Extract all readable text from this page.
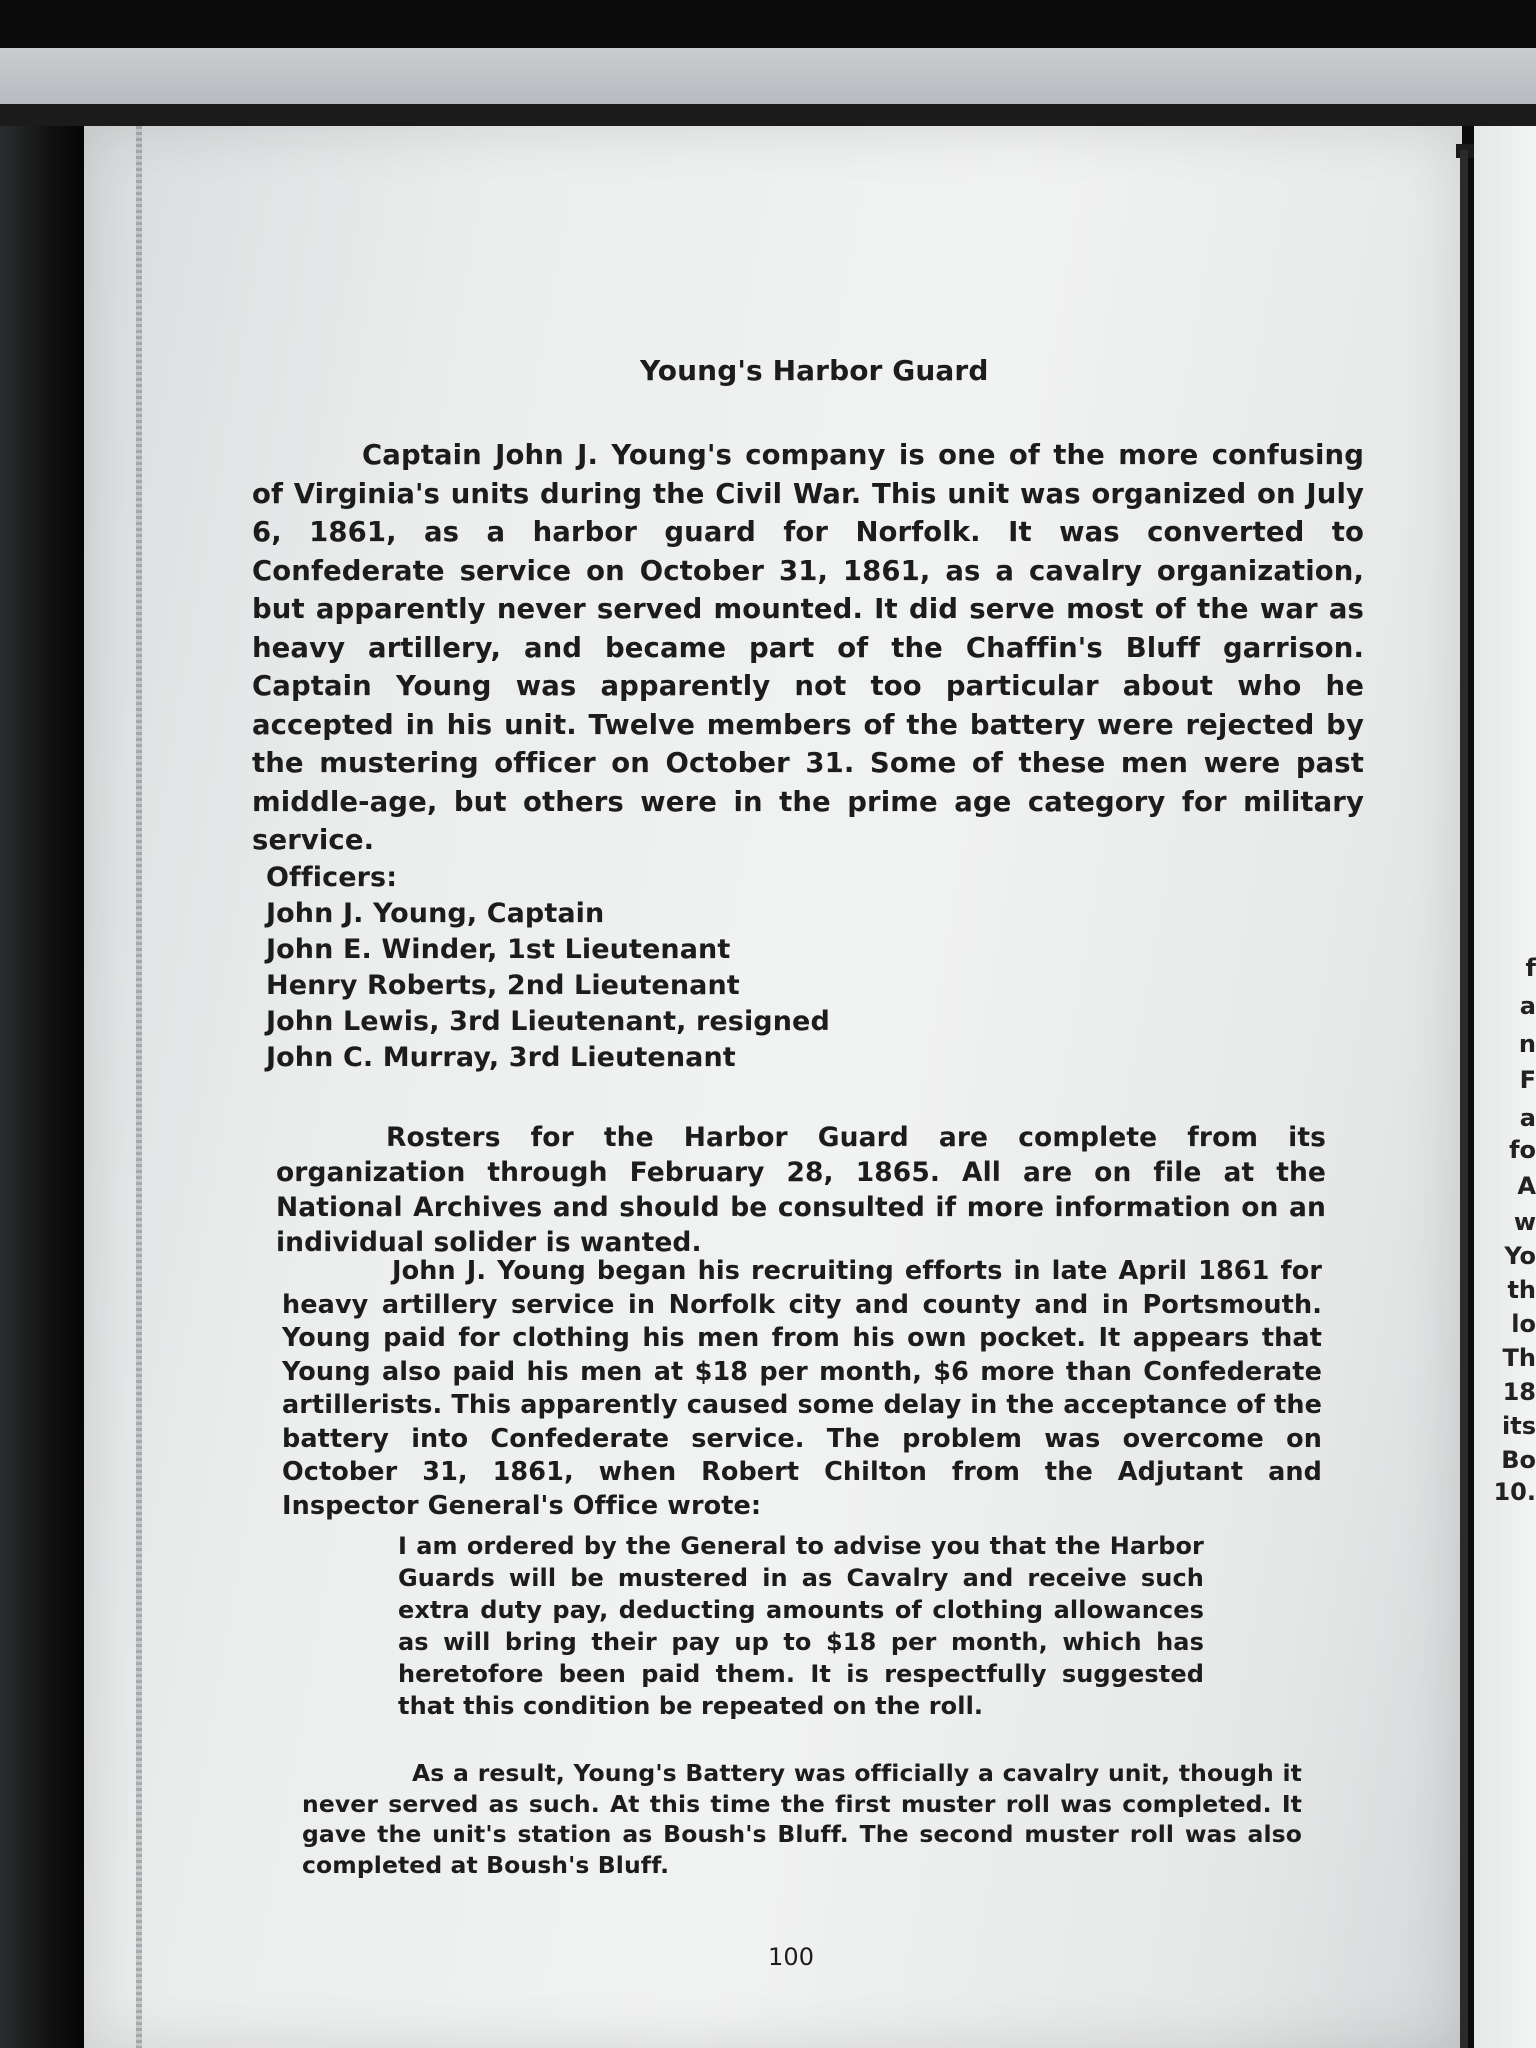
Young's Harbor Guard

Captain John J. Young's company is one of the more confusing of Virginia's units during the Civil War. This unit was organized on July 6, 1861, as a harbor guard for Norfolk. It was converted to Confederate service on October 31, 1861, as a cavalry organization, but apparently never served mounted. It did serve most of the war as heavy artillery, and became part of the Chaffin's Bluff garrison. Captain Young was apparently not too particular about who he accepted in his unit. Twelve members of the battery were rejected by the mustering officer on October 31. Some of these men were past middle-age, but others were in the prime age category for military service.

Officers:
John J. Young, Captain
John E. Winder, 1st Lieutenant
Henry Roberts, 2nd Lieutenant
John Lewis, 3rd Lieutenant, resigned
John C. Murray, 3rd Lieutenant

Rosters for the Harbor Guard are complete from its organization through February 28, 1865. All are on file at the National Archives and should be consulted if more information on an individual solider is wanted.

John J. Young began his recruiting efforts in late April 1861 for heavy artillery service in Norfolk city and county and in Portsmouth. Young paid for clothing his men from his own pocket. It appears that Young also paid his men at $18 per month, $6 more than Confederate artillerists. This apparently caused some delay in the acceptance of the battery into Confederate service. The problem was overcome on October 31, 1861, when Robert Chilton from the Adjutant and Inspector General's Office wrote:

I am ordered by the General to advise you that the Harbor Guards will be mustered in as Cavalry and receive such extra duty pay, deducting amounts of clothing allowances as will bring their pay up to $18 per month, which has heretofore been paid them. It is respectfully suggested that this condition be repeated on the roll.

As a result, Young's Battery was officially a cavalry unit, though it never served as such. At this time the first muster roll was completed. It gave the unit's station as Boush's Bluff. The second muster roll was also completed at Boush's Bluff.

100
f
a
n
F
a
fo
A
w
Yo
th
lo
Th
18
its
Bo
10.
